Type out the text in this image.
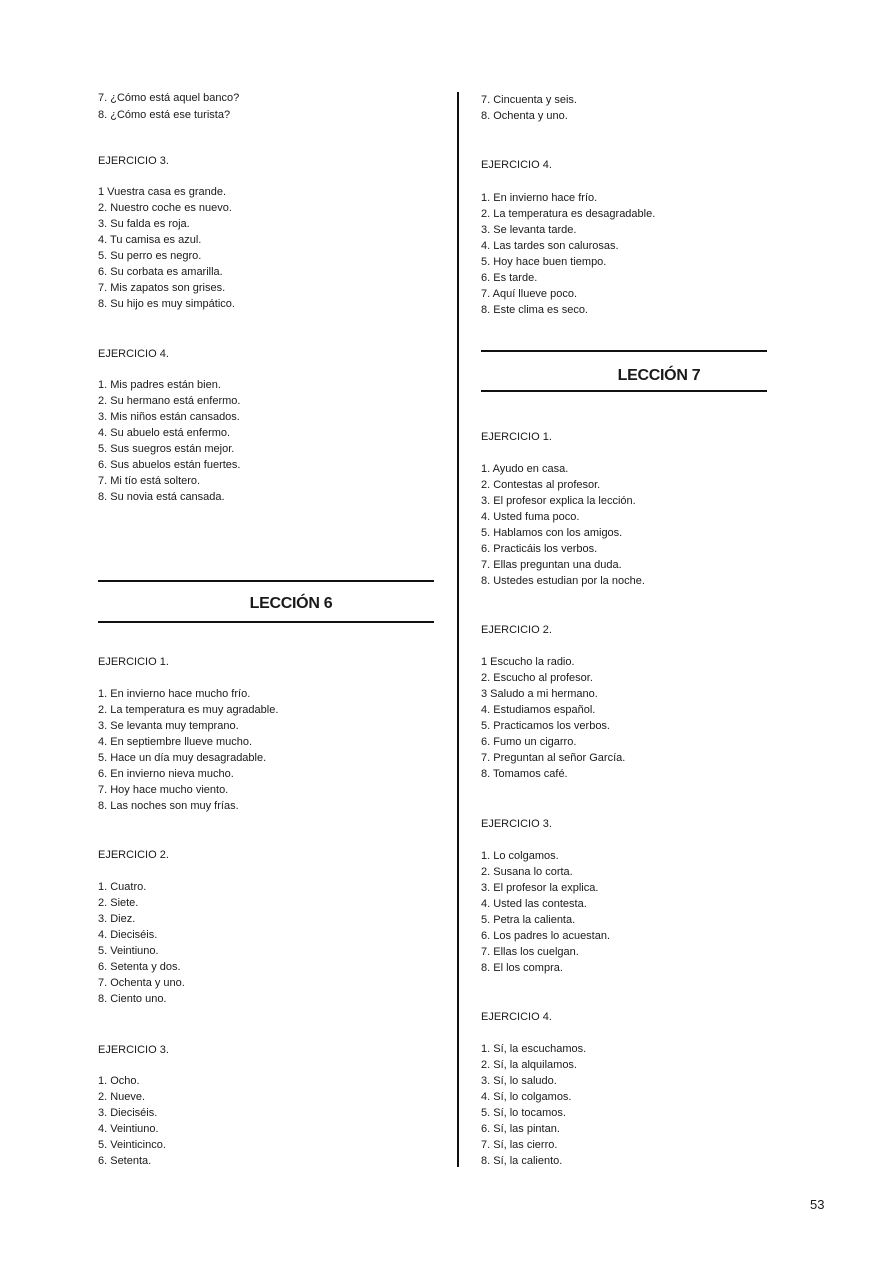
7. ¿Cómo está aquel banco?
8. ¿Cómo está ese turista?
EJERCICIO 3.
1 Vuestra casa es grande.
2. Nuestro coche es nuevo.
3. Su falda es roja.
4. Tu camisa es azul.
5. Su perro es negro.
6. Su corbata es amarilla.
7. Mis zapatos son grises.
8. Su hijo es muy simpático.
EJERCICIO 4.
1. Mis padres están bien.
2. Su hermano está enfermo.
3. Mis niños están cansados.
4. Su abuelo está enfermo.
5. Sus suegros están mejor.
6. Sus abuelos están fuertes.
7. Mi tío está soltero.
8. Su novia está cansada.
LECCIÓN 6
EJERCICIO 1.
1. En invierno hace mucho frío.
2. La temperatura es muy agradable.
3. Se levanta muy temprano.
4. En septiembre llueve mucho.
5. Hace un día muy desagradable.
6. En invierno nieva mucho.
7. Hoy hace mucho viento.
8. Las noches son muy frías.
EJERCICIO 2.
1. Cuatro.
2. Siete.
3. Diez.
4. Dieciséis.
5. Veintiuno.
6. Setenta y dos.
7. Ochenta y uno.
8. Ciento uno.
EJERCICIO 3.
1. Ocho.
2. Nueve.
3. Dieciséis.
4. Veintiuno.
5. Veinticinco.
6. Setenta.
7. Cincuenta y seis.
8. Ochenta y uno.
EJERCICIO 4.
1. En invierno hace frío.
2. La temperatura es desagradable.
3. Se levanta tarde.
4. Las tardes son calurosas.
5. Hoy hace buen tiempo.
6. Es tarde.
7. Aquí llueve poco.
8. Este clima es seco.
LECCIÓN 7
EJERCICIO 1.
1. Ayudo en casa.
2. Contestas al profesor.
3. El profesor explica la lección.
4. Usted fuma poco.
5. Hablamos con los amigos.
6. Practicáis los verbos.
7. Ellas preguntan una duda.
8. Ustedes estudian por la noche.
EJERCICIO 2.
1 Escucho la radio.
2. Escucho al profesor.
3 Saludo a mi hermano.
4. Estudiamos español.
5. Practicamos los verbos.
6. Fumo un cigarro.
7. Preguntan al señor García.
8. Tomamos café.
EJERCICIO 3.
1. Lo colgamos.
2. Susana lo corta.
3. El profesor la explica.
4. Usted las contesta.
5. Petra la calienta.
6. Los padres lo acuestan.
7. Ellas los cuelgan.
8. El los compra.
EJERCICIO 4.
1. Sí, la escuchamos.
2. Sí, la alquilamos.
3. Sí, lo saludo.
4. Sí, lo colgamos.
5. Sí, lo tocamos.
6. Sí, las pintan.
7. Sí, las cierro.
8. Sí, la caliento.
53
